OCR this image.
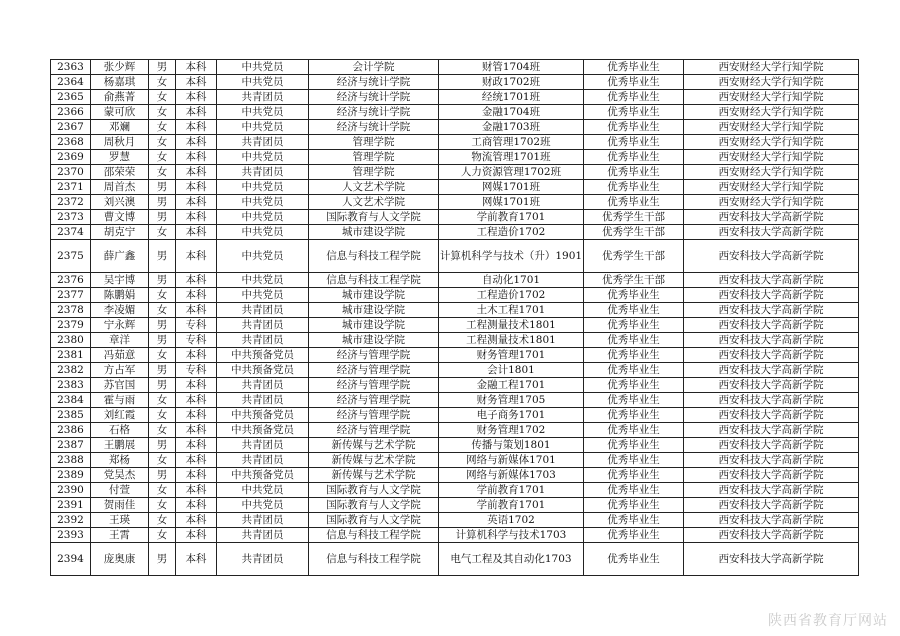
2363	张少辉	男	本科	中共党员	会计学院	财管1704班	优秀毕业生	西安财经大学行知学院
2364	杨嘉琪	女	本科	中共党员	经济与统计学院	财政1702班	优秀毕业生	西安财经大学行知学院
2365	俞燕菁	女	本科	共青团员	经济与统计学院	经统1701班	优秀毕业生	西安财经大学行知学院
2366	蒙可欣	女	本科	中共党员	经济与统计学院	金融1704班	优秀毕业生	西安财经大学行知学院
2367	邓斓	女	本科	中共党员	经济与统计学院	金融1703班	优秀毕业生	西安财经大学行知学院
2368	周秋月	女	本科	共青团员	管理学院	工商管理1702班	优秀毕业生	西安财经大学行知学院
2369	罗慧	女	本科	中共党员	管理学院	物流管理1701班	优秀毕业生	西安财经大学行知学院
2370	邵荣荣	女	本科	共青团员	管理学院	人力资源管理1702班	优秀毕业生	西安财经大学行知学院
2371	周首杰	男	本科	中共党员	人文艺术学院	网媒1701班	优秀毕业生	西安财经大学行知学院
2372	刘兴澳	男	本科	中共党员	人文艺术学院	网媒1701班	优秀毕业生	西安财经大学行知学院
2373	曹文博	男	本科	中共党员	国际教育与人文学院	学前教育1701	优秀学生干部	西安科技大学高新学院
2374	胡克宁	女	本科	中共党员	城市建设学院	工程造价1702	优秀学生干部	西安科技大学高新学院
2375	薛广鑫	男	本科	中共党员	信息与科技工程学院	计算机科学与技术（升）1901	优秀学生干部	西安科技大学高新学院
2376	吴宇博	男	本科	中共党员	信息与科技工程学院	自动化1701	优秀学生干部	西安科技大学高新学院
2377	陈鹏娟	女	本科	中共党员	城市建设学院	工程造价1702	优秀毕业生	西安科技大学高新学院
2378	李凌媚	女	本科	共青团员	城市建设学院	土木工程1701	优秀毕业生	西安科技大学高新学院
2379	宁永辉	男	专科	共青团员	城市建设学院	工程测量技术1801	优秀毕业生	西安科技大学高新学院
2380	章洋	男	专科	共青团员	城市建设学院	工程测量技术1801	优秀毕业生	西安科技大学高新学院
2381	冯茹意	女	本科	中共预备党员	经济与管理学院	财务管理1701	优秀毕业生	西安科技大学高新学院
2382	方占军	男	专科	中共预备党员	经济与管理学院	会计1801	优秀毕业生	西安科技大学高新学院
2383	苏官国	男	本科	共青团员	经济与管理学院	金融工程1701	优秀毕业生	西安科技大学高新学院
2384	霍与雨	女	本科	共青团员	经济与管理学院	财务管理1705	优秀毕业生	西安科技大学高新学院
2385	刘红霞	女	本科	中共预备党员	经济与管理学院	电子商务1701	优秀毕业生	西安科技大学高新学院
2386	石格	女	本科	中共预备党员	经济与管理学院	财务管理1702	优秀毕业生	西安科技大学高新学院
2387	王鹏展	男	本科	共青团员	新传媒与艺术学院	传播与策划1801	优秀毕业生	西安科技大学高新学院
2388	郑杨	女	本科	共青团员	新传媒与艺术学院	网络与新媒体1701	优秀毕业生	西安科技大学高新学院
2389	党昊杰	男	本科	中共预备党员	新传媒与艺术学院	网络与新媒体1703	优秀毕业生	西安科技大学高新学院
2390	付萱	女	本科	中共党员	国际教育与人文学院	学前教育1701	优秀毕业生	西安科技大学高新学院
2391	贺雨佳	女	本科	中共党员	国际教育与人文学院	学前教育1701	优秀毕业生	西安科技大学高新学院
2392	王瑛	女	本科	共青团员	国际教育与人文学院	英语1702	优秀毕业生	西安科技大学高新学院
2393	王霄	女	本科	共青团员	信息与科技工程学院	计算机科学与技术1703	优秀毕业生	西安科技大学高新学院
2394	庞奥康	男	本科	共青团员	信息与科技工程学院	电气工程及其自动化1703	优秀毕业生	西安科技大学高新学院
陕西省教育厅网站
